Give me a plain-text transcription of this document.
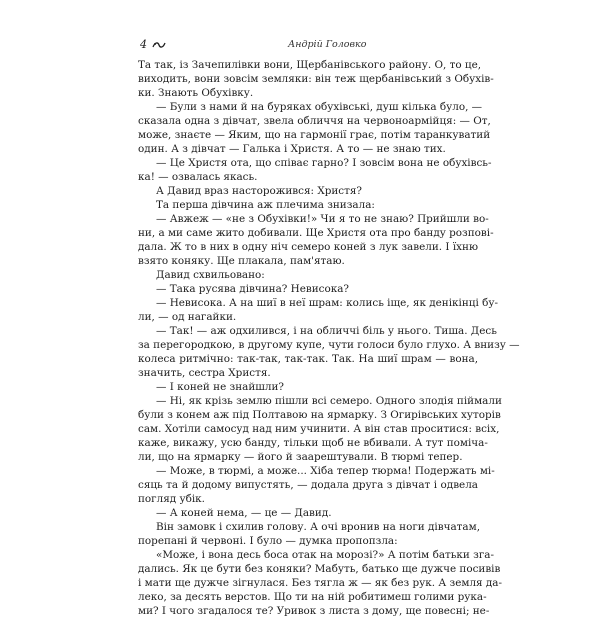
4	Андрій Головко
Та так, із Зачепилівки вони, Щербанівського району. О, то це,
виходить, вони зовсім земляки: він теж щербанівський з Обухів-
ки. Знають Обухівку.
— Були з нами й на буряках обухівські, душ кілька було, —
сказала одна з дівчат, звела обличчя на червоноармійця: — От,
може, знаєте — Яким, що на гармонії грає, потім таранкуватий
один. А з дівчат — Галька і Христя. А то — не знаю тих.
— Це Христя ота, що співає гарно? І зовсім вона не обухівсь-
ка! — озвалась якась.
А Давид враз насторожився: Христя?
Та перша дівчина аж плечима знизала:
— Авжеж — «не з Обухівки!» Чи я то не знаю? Прийшли во-
ни, а ми саме жито добивали. Ще Христя ота про банду розпові-
дала. Ж то в них в одну ніч семеро коней з лук завели. І їхню
взято коняку. Ще плакала, пам'ятаю.
Давид схвильовано:
— Така русява дівчина? Невисока?
— Невисока. А на шиї в неї шрам: колись іще, як денікінці бу-
ли, — од нагайки.
— Так! — аж одхилився, і на обличчі біль у нього. Тиша. Десь
за перегородкою, в другому купе, чути голоси було глухо. А внизу —
колеса ритмічно: так-так, так-так. Так. На шиї шрам — вона,
значить, сестра Христя.
— І коней не знайшли?
— Ні, як крізь землю пішли всі семеро. Одного злодія піймали
були з конем аж під Полтавою на ярмарку. З Огирівських хуторів
сам. Хотіли самосуд над ним учинити. А він став проситися: всіх,
каже, викажу, усю банду, тільки щоб не вбивали. А тут поміча-
ли, що на ярмарку — його й заарештували. В тюрмі тепер.
— Може, в тюрмі, а може... Хіба тепер тюрма! Подержать мі-
сяць та й додому випустять, — додала друга з дівчат і одвела
погляд убік.
— А коней нема, — це — Давид.
Він замовк і схилив голову. А очі вронив на ноги дівчатам,
порепані й червоні. І було — думка пропопзла:
«Може, і вона десь боса отак на морозі?» А потім батьки зга-
дались. Як це бути без коняки? Мабуть, батько ще дужче посивів
і мати ще дужче зігнулася. Без тягла ж — як без рук. А земля да-
леко, за десять верстов. Що ти на ній робитимеш голими рука-
ми? І чого згадалося те? Уривок з листа з дому, ще повесні; не-
